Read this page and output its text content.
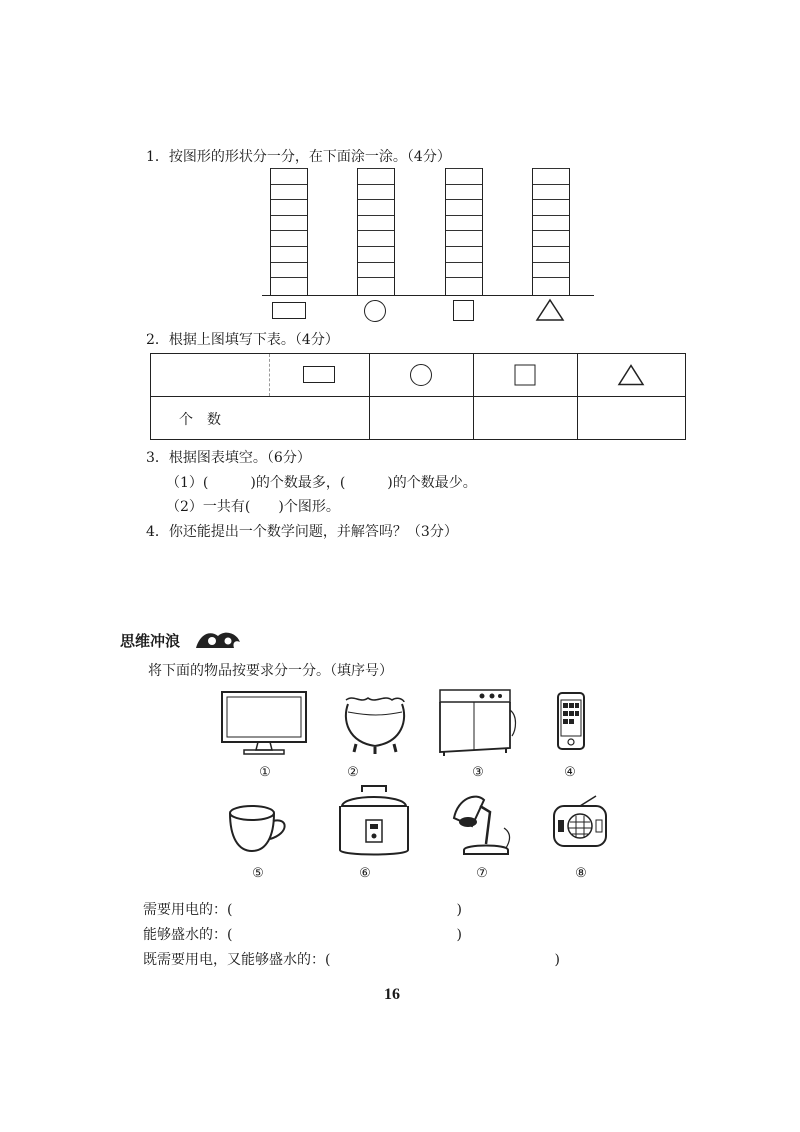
1．按图形的形状分一分，在下面涂一涂。（4分）
2．根据上图填写下表。（4分）

个　数			

3．根据图表填空。（6分）
（1）(　　　)的个数最多，(　　　)的个数最少。
（2）一共有(　　)个图形。
4．你还能提出一个数学问题，并解答吗？（3分）
思维冲浪
将下面的物品按要求分一分。（填序号）
①	②	③	④
⑤	⑥	⑦	⑧
需要用电的：(　　　　　　　　　　　　　　　　)
能够盛水的：(　　　　　　　　　　　　　　　　)
既需要用电，又能够盛水的：(　　　　　　　　　　　　　　　　)
16
